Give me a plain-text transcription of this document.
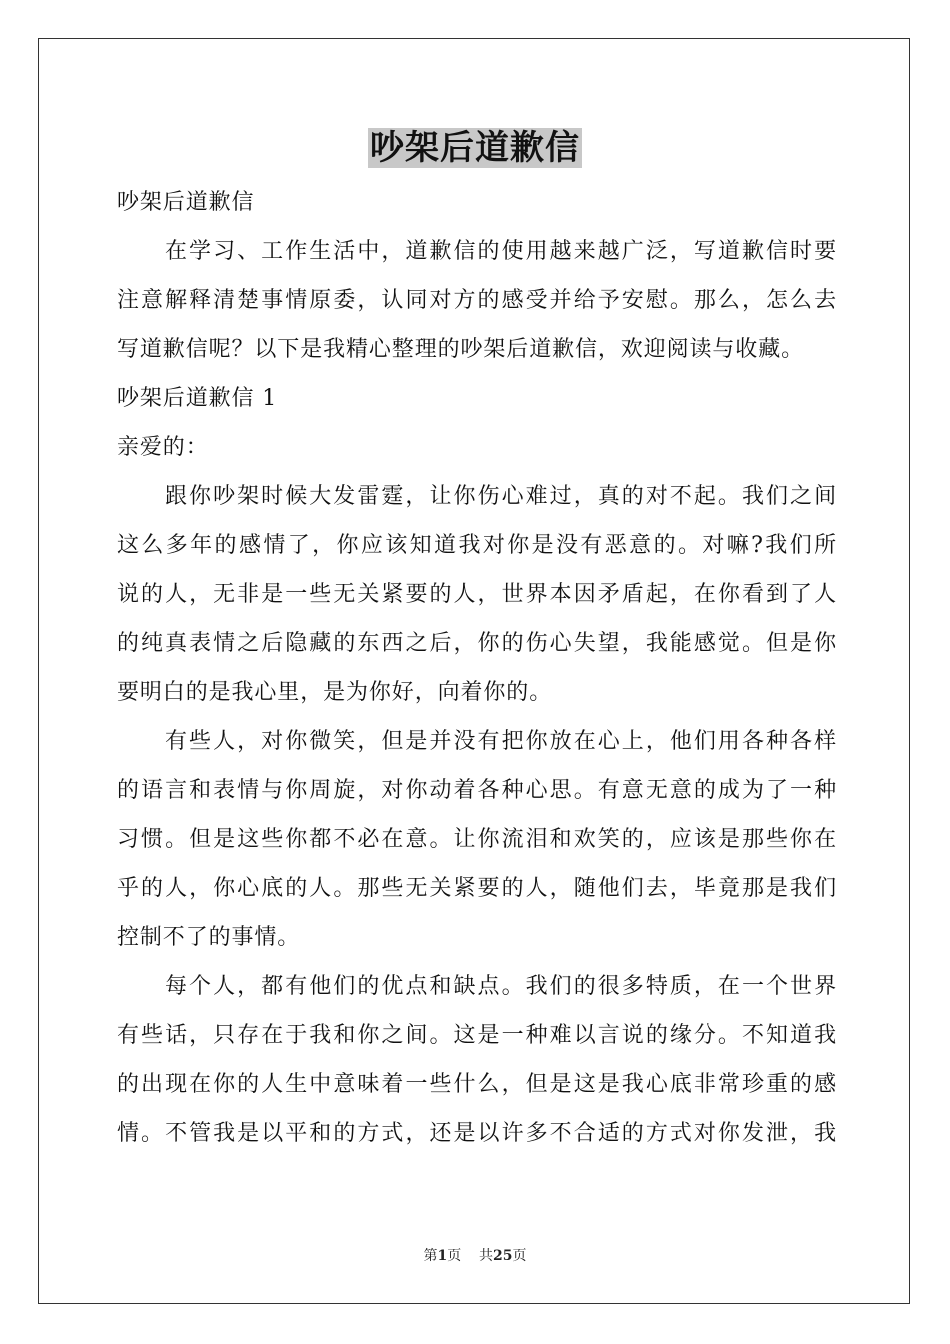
吵架后道歉信

吵架后道歉信

在学习、工作生活中，道歉信的使用越来越广泛，写道歉信时要
注意解释清楚事情原委，认同对方的感受并给予安慰。那么，怎么去
写道歉信呢？以下是我精心整理的吵架后道歉信，欢迎阅读与收藏。

吵架后道歉信 1

亲爱的：

跟你吵架时候大发雷霆，让你伤心难过，真的对不起。我们之间
这么多年的感情了，你应该知道我对你是没有恶意的。对嘛?我们所
说的人，无非是一些无关紧要的人，世界本因矛盾起，在你看到了人
的纯真表情之后隐藏的东西之后，你的伤心失望，我能感觉。但是你
要明白的是我心里，是为你好，向着你的。
有些人，对你微笑，但是并没有把你放在心上，他们用各种各样
的语言和表情与你周旋，对你动着各种心思。有意无意的成为了一种
习惯。但是这些你都不必在意。让你流泪和欢笑的，应该是那些你在
乎的人，你心底的人。那些无关紧要的人，随他们去，毕竟那是我们
控制不了的事情。
每个人，都有他们的优点和缺点。我们的很多特质，在一个世界
有些话，只存在于我和你之间。这是一种难以言说的缘分。不知道我
的出现在你的人生中意味着一些什么，但是这是我心底非常珍重的感
情。不管我是以平和的方式，还是以许多不合适的方式对你发泄，我
第1页 共25页
